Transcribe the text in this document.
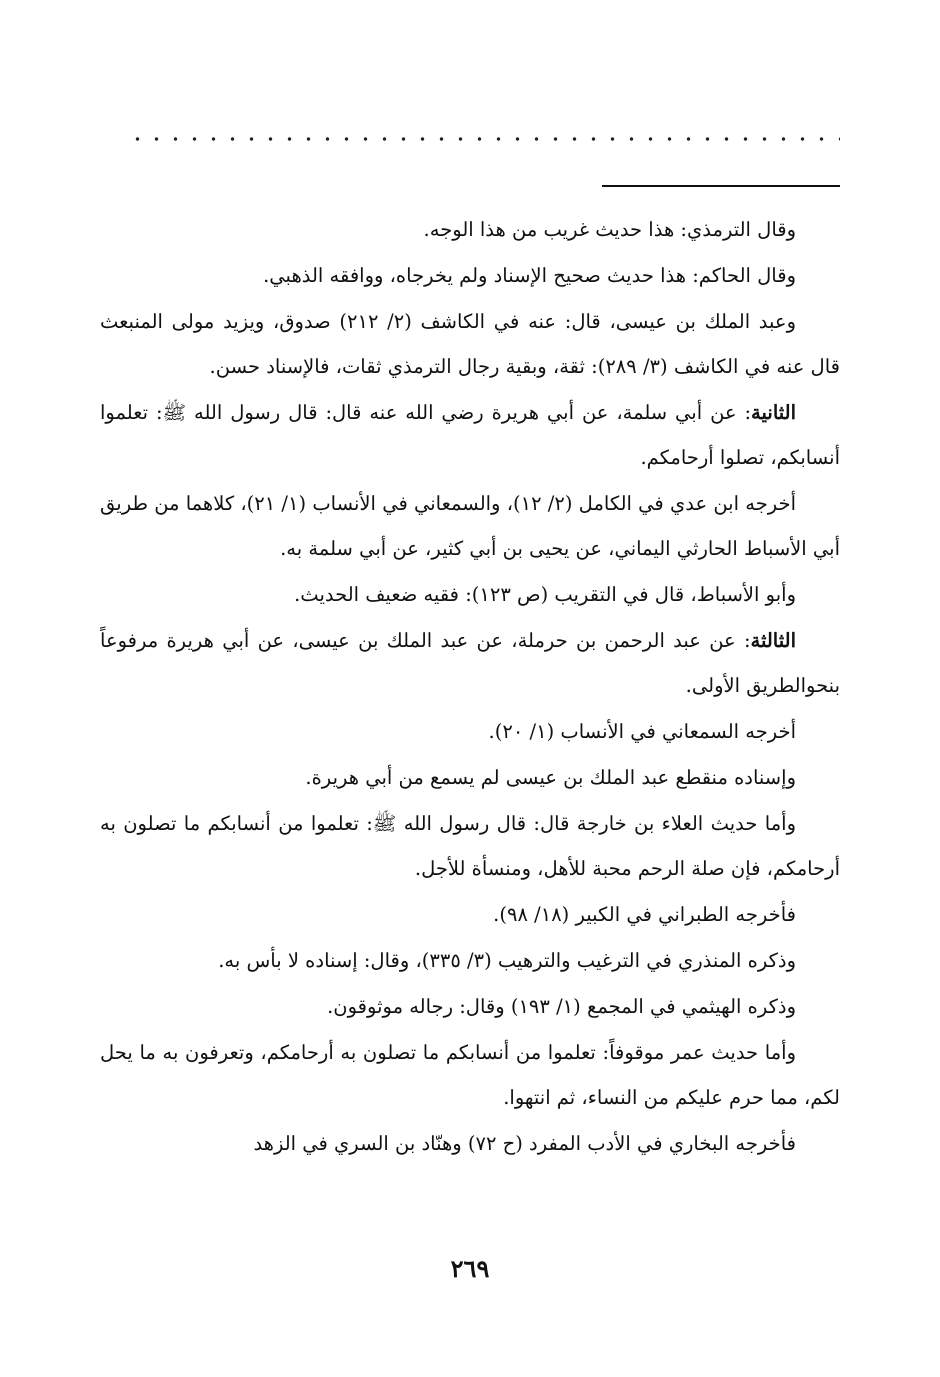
وقال الترمذي: هذا حديث غريب من هذا الوجه.

وقال الحاكم: هذا حديث صحيح الإسناد ولم يخرجاه، ووافقه الذهبي.

وعبد الملك بن عيسى، قال: عنه في الكاشف (٢/ ٢١٢) صدوق، ويزيد مولى المنبعث قال عنه في الكاشف (٣/ ٢٨٩): ثقة، وبقية رجال الترمذي ثقات، فالإسناد حسن.

الثانية: عن أبي سلمة، عن أبي هريرة رضي الله عنه قال: قال رسول الله ﷺ: تعلموا أنسابكم، تصلوا أرحامكم.

أخرجه ابن عدي في الكامل (٢/ ١٢)، والسمعاني في الأنساب (١/ ٢١)، كلاهما من طريق أبي الأسباط الحارثي اليماني، عن يحيى بن أبي كثير، عن أبي سلمة به.

وأبو الأسباط، قال في التقريب (ص ١٢٣): فقيه ضعيف الحديث.

الثالثة: عن عبد الرحمن بن حرملة، عن عبد الملك بن عيسى، عن أبي هريرة مرفوعاً بنحوالطريق الأولى.

أخرجه السمعاني في الأنساب (١/ ٢٠).

وإسناده منقطع عبد الملك بن عيسى لم يسمع من أبي هريرة.

وأما حديث العلاء بن خارجة قال: قال رسول الله ﷺ: تعلموا من أنسابكم ما تصلون به أرحامكم، فإن صلة الرحم محبة للأهل، ومنسأة للأجل.

فأخرجه الطبراني في الكبير (١٨/ ٩٨).

وذكره المنذري في الترغيب والترهيب (٣/ ٣٣٥)، وقال: إسناده لا بأس به.

وذكره الهيثمي في المجمع (١/ ١٩٣) وقال: رجاله موثوقون.

وأما حديث عمر موقوفاً: تعلموا من أنسابكم ما تصلون به أرحامكم، وتعرفون به ما يحل لكم، مما حرم عليكم من النساء، ثم انتهوا.

فأخرجه البخاري في الأدب المفرد (ح ٧٢) وهنّاد بن السري في الزهد

٢٦٩
